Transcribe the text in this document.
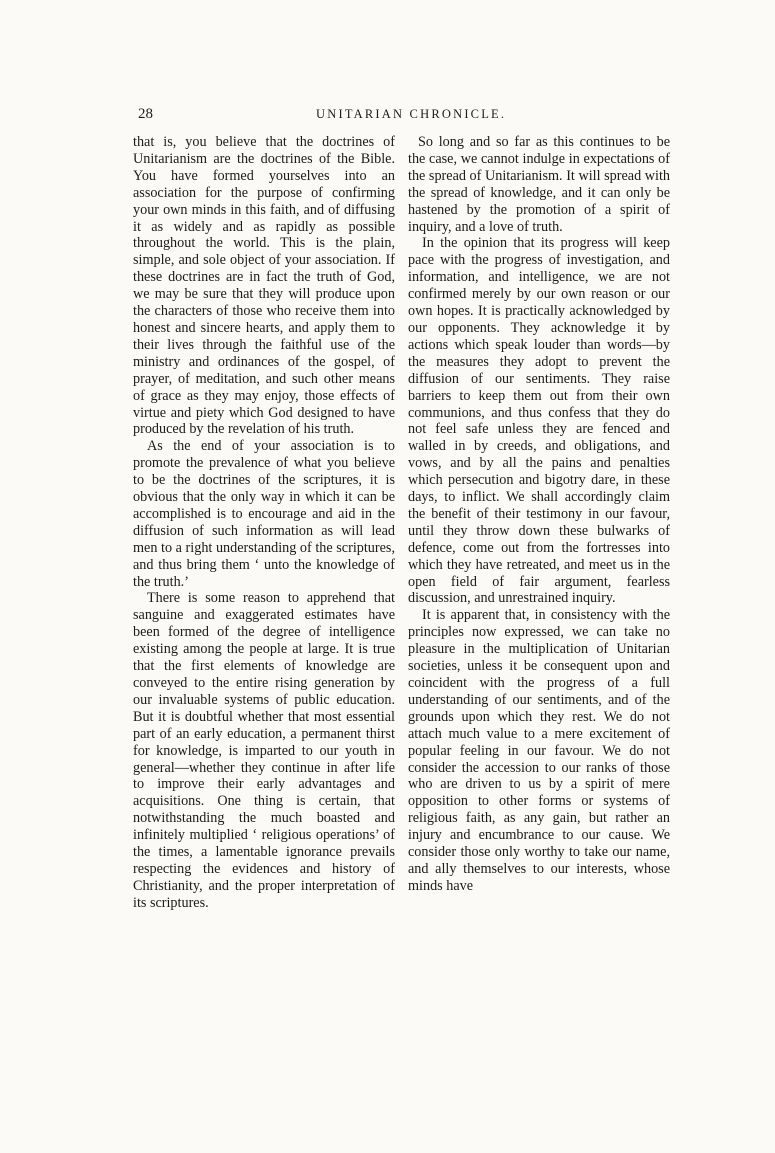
28	UNITARIAN CHRONICLE.

that is, you believe that the doctrines of Unitarianism are the doctrines of the Bible. You have formed yourselves into an association for the purpose of confirming your own minds in this faith, and of diffusing it as widely and as rapidly as possible throughout the world. This is the plain, simple, and sole object of your association. If these doctrines are in fact the truth of God, we may be sure that they will produce upon the characters of those who receive them into honest and sincere hearts, and apply them to their lives through the faithful use of the ministry and ordinances of the gospel, of prayer, of meditation, and such other means of grace as they may enjoy, those effects of virtue and piety which God designed to have produced by the revelation of his truth.

As the end of your association is to promote the prevalence of what you believe to be the doctrines of the scriptures, it is obvious that the only way in which it can be accomplished is to encourage and aid in the diffusion of such information as will lead men to a right understanding of the scriptures, and thus bring them ‘ unto the knowledge of the truth.’

There is some reason to apprehend that sanguine and exaggerated estimates have been formed of the degree of intelligence existing among the people at large. It is true that the first elements of knowledge are conveyed to the entire rising generation by our invaluable systems of public education. But it is doubtful whether that most essential part of an early education, a permanent thirst for knowledge, is imparted to our youth in general—whether they continue in after life to improve their early advantages and acquisitions. One thing is certain, that notwithstanding the much boasted and infinitely multiplied ‘ religious operations’ of the times, a lamentable ignorance prevails respecting the evidences and history of Christianity, and the proper interpretation of its scriptures.

So long and so far as this continues to be the case, we cannot indulge in expectations of the spread of Unitarianism. It will spread with the spread of knowledge, and it can only be hastened by the promotion of a spirit of inquiry, and a love of truth.

In the opinion that its progress will keep pace with the progress of investigation, and information, and intelligence, we are not confirmed merely by our own reason or our own hopes. It is practically acknowledged by our opponents. They acknowledge it by actions which speak louder than words—by the measures they adopt to prevent the diffusion of our sentiments. They raise barriers to keep them out from their own communions, and thus confess that they do not feel safe unless they are fenced and walled in by creeds, and obligations, and vows, and by all the pains and penalties which persecution and bigotry dare, in these days, to inflict. We shall accordingly claim the benefit of their testimony in our favour, until they throw down these bulwarks of defence, come out from the fortresses into which they have retreated, and meet us in the open field of fair argument, fearless discussion, and unrestrained inquiry.

It is apparent that, in consistency with the principles now expressed, we can take no pleasure in the multiplication of Unitarian societies, unless it be consequent upon and coincident with the progress of a full understanding of our sentiments, and of the grounds upon which they rest. We do not attach much value to a mere excitement of popular feeling in our favour. We do not consider the accession to our ranks of those who are driven to us by a spirit of mere opposition to other forms or systems of religious faith, as any gain, but rather an injury and encumbrance to our cause. We consider those only worthy to take our name, and ally themselves to our interests, whose minds have
